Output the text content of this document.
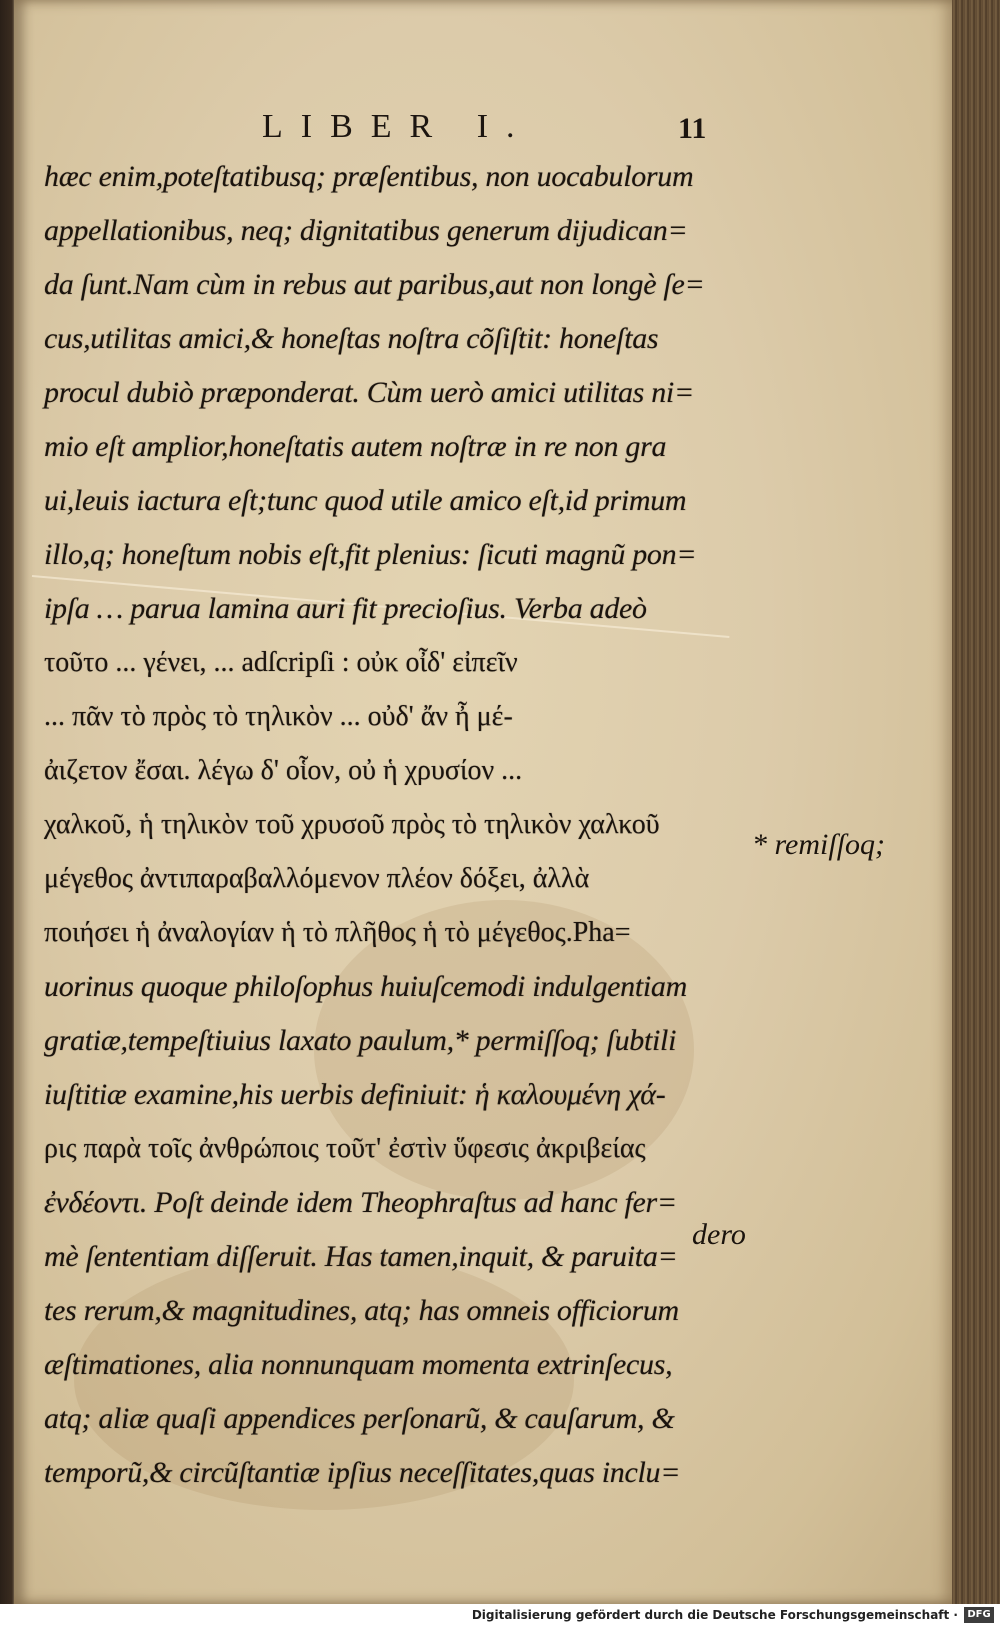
LIBER I.	11
hæc enim,poteſtatibusq; præſentibus, non uocabulorum
appellationibus, neq; dignitatibus generum dijudican=
da ſunt.Nam cùm in rebus aut paribus,aut non longè ſe=
cus,utilitas amici,& honeſtas noſtra cõſiſtit: honeſtas
procul dubiò præponderat. Cùm uerò amici utilitas ni=
mio eſt amplior,honeſtatis autem noſtræ in re non gra
ui,leuis iactura eſt;tunc quod utile amico eſt,id primum
illo,q; honeſtum nobis eſt,fit plenius: ſicuti magnũ pon=
ipſa … parua lamina auri fit precioſius. Verba adeò
τοῦτο ... γένει, ... adſcripſi : οὐκ οἶδ' εἰπεῖν
... πᾶν τὸ πρὸς τὸ τηλικὸν ... οὐδ' ἄν ἦ μέ-
ἀιζετον ἔσαι. λέγω δ' οἷον, οὐ ἡ χρυσίον ...
χαλκοῦ, ἡ τηλικὸν τοῦ χρυσοῦ πρὸς τὸ τηλικὸν χαλκοῦ
μέγεθος ἀντιπαραβαλλόμενον πλέον δόξει, ἀλλὰ
ποιήσει ἡ ἀναλογίαν ἡ τὸ πλῆθος ἡ τὸ μέγεθος.Pha=
uorinus quoque philoſophus huiuſcemodi indulgentiam
gratiæ,tempeſtiuius laxato paulum,* permiſſoq; ſubtili
iuſtitiæ examine,his uerbis definiuit: ἡ καλουμένη χά-
ρις παρὰ τοῖς ἀνθρώποις τοῦτ' ἐστὶν ὕφεσις ἀκριβείας
ἐνδέοντι. Poſt deinde idem Theophraſtus ad hanc fer=
mè ſententiam diſſeruit. Has tamen,inquit, & paruita=
tes rerum,& magnitudines, atq; has omneis officiorum
æſtimationes, alia nonnunquam momenta extrinſecus,
atq; aliæ quaſi appendices perſonarũ, & cauſarum, &
temporũ,& circũſtantiæ ipſius neceſſitates,quas inclu=
* remiſſoq;
dero
Digitalisierung gefördert durch die Deutsche Forschungsgemeinschaft · DFG
